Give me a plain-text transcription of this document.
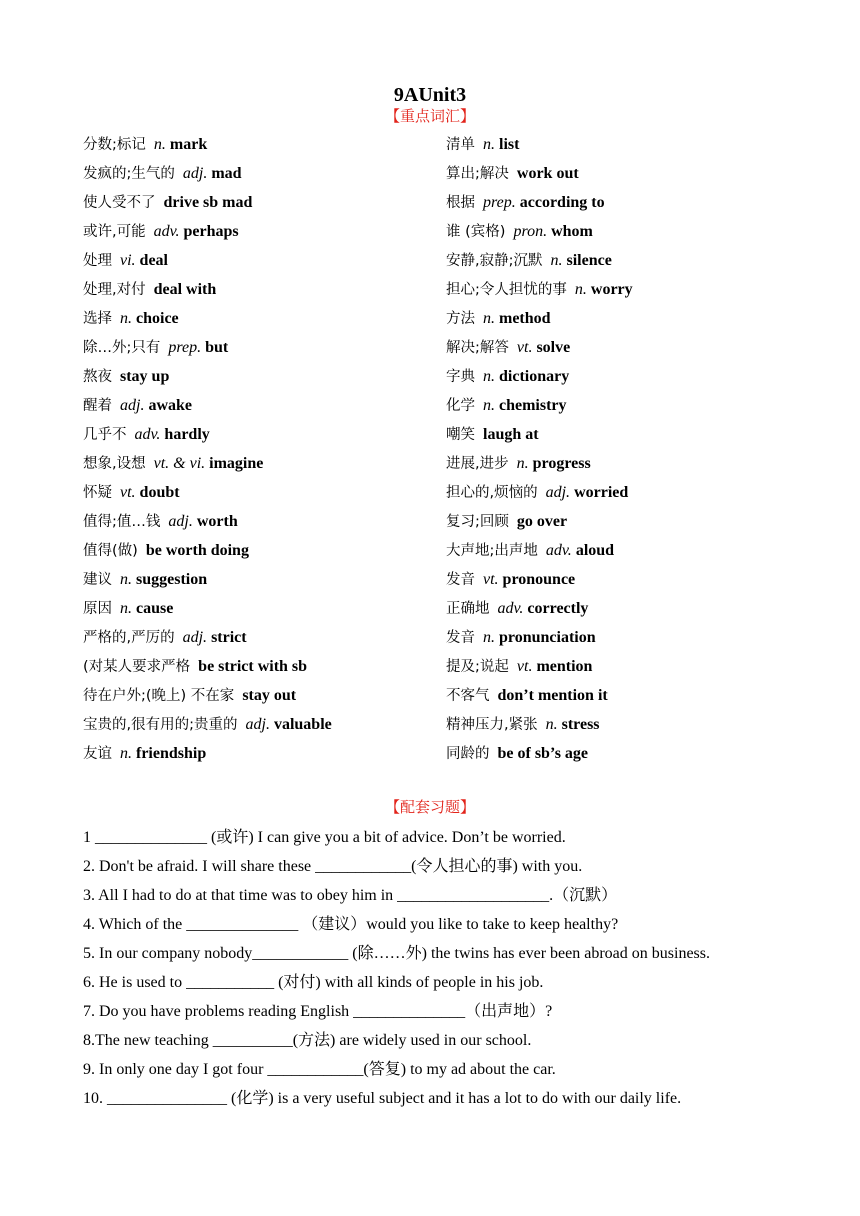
9AUnit3
【重点词汇】
分数;标记 n. mark
发疯的;生气的 adj. mad
使人受不了 drive sb mad
或许,可能 adv. perhaps
处理 vi. deal
处理,对付 deal with
选择 n. choice
除…外;只有 prep. but
熬夜 stay up
醒着 adj. awake
几乎不 adv. hardly
想象,设想 vt. & vi. imagine
怀疑 vt. doubt
值得;值…钱 adj. worth
值得(做) be worth doing
建议 n. suggestion
原因 n. cause
严格的,严厉的 adj. strict
(对某人要求严格 be strict with sb
待在户外;(晚上) 不在家 stay out
宝贵的,很有用的;贵重的 adj. valuable
友谊 n. friendship
清单 n. list
算出;解决 work out
根据 prep. according to
谁 (宾格) pron. whom
安静,寂静;沉默 n. silence
担心;令人担忧的事 n. worry
方法 n. method
解决;解答 vt. solve
字典 n. dictionary
化学 n. chemistry
嘲笑 laugh at
进展,进步 n. progress
担心的,烦恼的 adj. worried
复习;回顾 go over
大声地;出声地 adv. aloud
发音 vt. pronounce
正确地 adv. correctly
发音 n. pronunciation
提及;说起 vt. mention
不客气 don’t mention it
精神压力,紧张 n. stress
同龄的 be of sb’s age
【配套习题】
1 ______________ (或许) I can give you a bit of advice. Don’t be worried.
2. Don't be afraid. I will share these ____________(令人担心的事) with you.
3. All I had to do at that time was to obey him in ___________________.（沉默）
4. Which of the ______________ （建议）would you like to take to keep healthy?
5. In our company nobody____________ (除……外) the twins has ever been abroad on business.
6. He is used to ___________ (对付) with all kinds of people in his job.
7. Do you have problems reading English ______________（出声地）?
8.The new teaching __________(方法) are widely used in our school.
9. In only one day I got four ____________(答复) to my ad about the car.
10. _______________ (化学) is a very useful subject and it has a lot to do with our daily life.
